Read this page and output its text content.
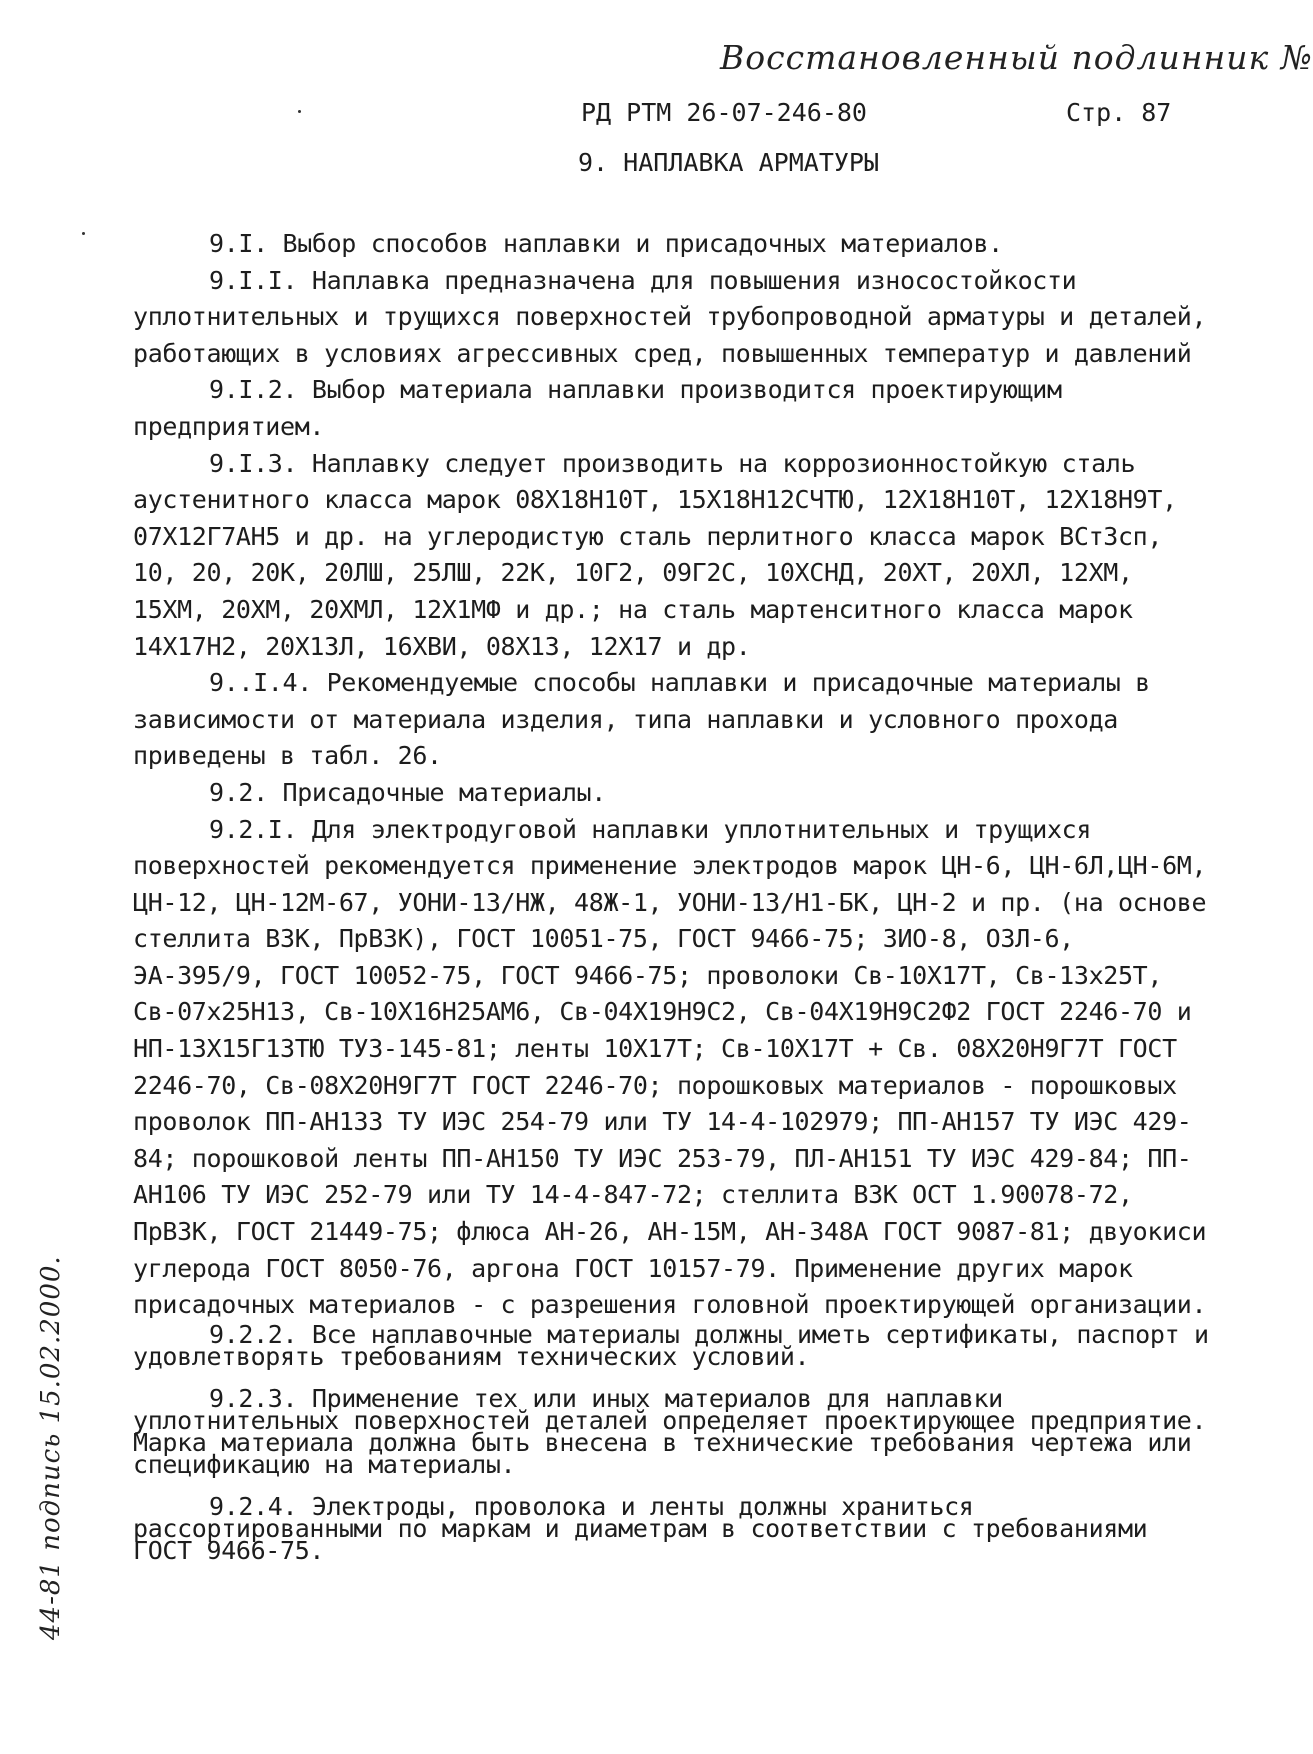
Восстановленный подлинник №
РД РТМ 26-07-246-80	Стр. 87
9. НАПЛАВКА АРМАТУРЫ

9.I. Выбор способов наплавки и присадочных материалов.

9.I.I. Наплавка предназначена для повышения износостойкости уплотнительных и трущихся поверхностей трубопроводной арматуры и деталей, работающих в условиях агрессивных сред, повышенных температур и давлений

9.I.2. Выбор материала наплавки производится проектирующим предприятием.

9.I.3. Наплавку следует производить на коррозионностойкую сталь аустенитного класса марок 08Х18Н10Т, 15Х18Н12СЧТЮ, 12Х18Н10Т, 12Х18Н9Т, 07Х12Г7АН5 и др. на углеродистую сталь перлитного класса марок ВСт3сп, 10, 20, 20К, 20ЛШ, 25ЛШ, 22К, 10Г2, 09Г2С, 10ХСНД, 20ХТ, 20ХЛ, 12ХМ, 15ХМ, 20ХМ, 20ХМЛ, 12Х1МФ и др.; на сталь мартенситного класса марок 14Х17Н2, 20Х13Л, 16ХВИ, 08Х13, 12Х17 и др.

9..I.4. Рекомендуемые способы наплавки и присадочные материалы в зависимости от материала изделия, типа наплавки и условного прохода приведены в табл. 26.

9.2. Присадочные материалы.

9.2.I. Для электродуговой наплавки уплотнительных и трущихся поверхностей рекомендуется применение электродов марок ЦН-6, ЦН-6Л,ЦН-6М, ЦН-12, ЦН-12М-67, УОНИ-13/НЖ, 48Ж-1, УОНИ-13/Н1-БК, ЦН-2 и пр. (на основе стеллита ВЗК, ПрВЗК), ГОСТ 10051-75, ГОСТ 9466-75; ЗИО-8, ОЗЛ-6, ЭА-395/9, ГОСТ 10052-75, ГОСТ 9466-75; проволоки Св-10Х17Т, Св-13х25Т, Св-07х25Н13, Св-10Х16Н25АМ6, Св-04Х19Н9С2, Св-04Х19Н9С2Ф2 ГОСТ 2246-70 и НП-13Х15Г13ТЮ ТУ3-145-81; ленты 10Х17Т; Св-10Х17Т + Св. 08Х20Н9Г7Т ГОСТ 2246-70, Св-08Х20Н9Г7Т ГОСТ 2246-70; порошковых материалов - порошковых проволок ПП-АН133 ТУ ИЭС 254-79 или ТУ 14-4-102979; ПП-АН157 ТУ ИЭС 429-84; порошковой ленты ПП-АН150 ТУ ИЭС 253-79, ПЛ-АН151 ТУ ИЭС 429-84; ПП-АН106 ТУ ИЭС 252-79 или ТУ 14-4-847-72; стеллита ВЗК ОСТ 1.90078-72, ПрВЗК, ГОСТ 21449-75; флюса АН-26, АН-15М, АН-348А ГОСТ 9087-81; двуокиси углерода ГОСТ 8050-76, аргона ГОСТ 10157-79. Применение других марок присадочных материалов - с разрешения головной проектирующей организации.

9.2.2. Все наплавочные материалы должны иметь сертификаты, паспорт и удовлетворять требованиям технических условий.

9.2.3. Применение тех или иных материалов для наплавки уплотнительных поверхностей деталей определяет проектирующее предприятие. Марка материала должна быть внесена в технические требования чертежа или спецификацию на материалы.

9.2.4. Электроды, проволока и ленты должны храниться рассортированными по маркам и диаметрам в соответствии с требованиями ГОСТ 9466-75.

44-81 подпись 15.02.2000.
